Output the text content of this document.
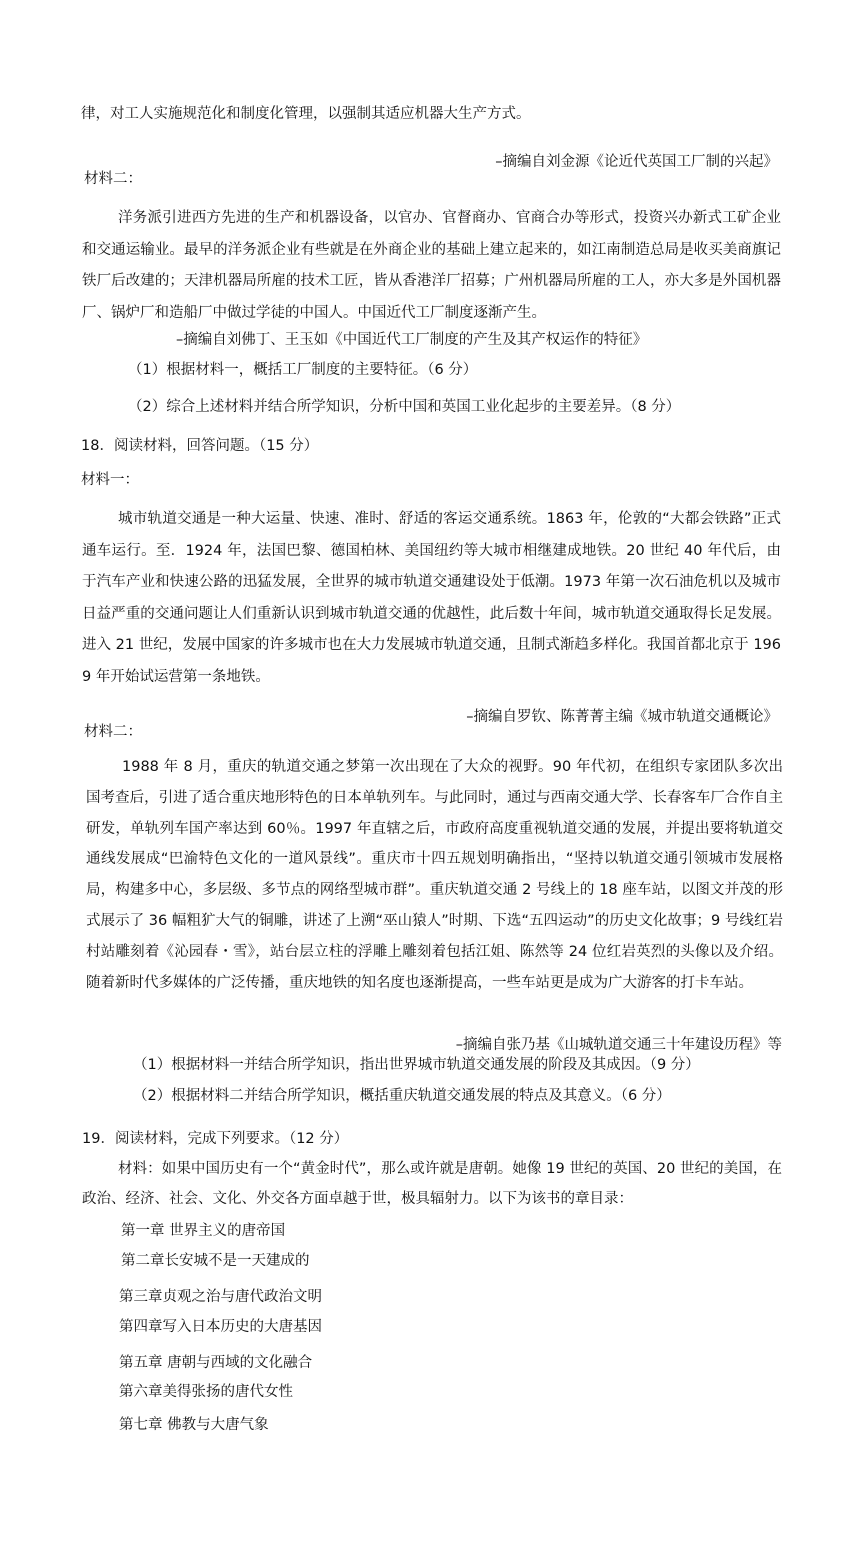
律，对工人实施规范化和制度化管理，以强制其适应机器大生产方式。

–摘编自刘金源《论近代英国工厂制的兴起》

材料二：

洋务派引进西方先进的生产和机器设备，以官办、官督商办、官商合办等形式，投资兴办新式工矿企业和交通运输业。最早的洋务派企业有些就是在外商企业的基础上建立起来的，如江南制造总局是收买美商旗记铁厂后改建的；天津机器局所雇的技术工匠，皆从香港洋厂招募；广州机器局所雇的工人，亦大多是外国机器厂、锅炉厂和造船厂中做过学徒的中国人。中国近代工厂制度逐渐产生。

–摘编自刘佛丁、王玉如《中国近代工厂制度的产生及其产权运作的特征》

（1）根据材料一，概括工厂制度的主要特征。（6 分）

（2）综合上述材料并结合所学知识，分析中国和英国工业化起步的主要差异。（8 分）

18．阅读材料，回答问题。（15 分）

材料一：

城市轨道交通是一种大运量、快速、准时、舒适的客运交通系统。1863 年，伦敦的“大都会铁路”正式通车运行。至．1924 年，法国巴黎、德国柏林、美国纽约等大城市相继建成地铁。20 世纪 40 年代后，由于汽车产业和快速公路的迅猛发展，全世界的城市轨道交通建设处于低潮。1973 年第一次石油危机以及城市日益严重的交通问题让人们重新认识到城市轨道交通的优越性，此后数十年间，城市轨道交通取得长足发展。进入 21 世纪，发展中国家的许多城市也在大力发展城市轨道交通，且制式渐趋多样化。我国首都北京于 1969 年开始试运营第一条地铁。

–摘编自罗钦、陈菁菁主编《城市轨道交通概论》

材料二：

1988 年 8 月，重庆的轨道交通之梦第一次出现在了大众的视野。90 年代初，在组织专家团队多次出国考查后，引进了适合重庆地形特色的日本单轨列车。与此同时，通过与西南交通大学、长春客车厂合作自主研发，单轨列车国产率达到 60％。1997 年直辖之后，市政府高度重视轨道交通的发展，并提出要将轨道交通线发展成“巴渝特色文化的一道风景线”。重庆市十四五规划明确指出，“坚持以轨道交通引领城市发展格局，构建多中心，多层级、多节点的网络型城市群”。重庆轨道交通 2 号线上的 18 座车站，以图文并茂的形式展示了 36 幅粗犷大气的铜雕，讲述了上溯“巫山猿人”时期、下选“五四运动”的历史文化故事；9 号线红岩村站雕刻着《沁园春・雪》，站台层立柱的浮雕上雕刻着包括江姐、陈然等 24 位红岩英烈的头像以及介绍。随着新时代多媒体的广泛传播，重庆地铁的知名度也逐渐提高，一些车站更是成为广大游客的打卡车站。

–摘编自张乃基《山城轨道交通三十年建设历程》等

（1）根据材料一并结合所学知识，指出世界城市轨道交通发展的阶段及其成因。（9 分）

（2）根据材料二并结合所学知识，概括重庆轨道交通发展的特点及其意义。（6 分）

19．阅读材料，完成下列要求。（12 分）

材料：如果中国历史有一个“黄金时代”，那么或许就是唐朝。她像 19 世纪的英国、20 世纪的美国，在政治、经济、社会、文化、外交各方面卓越于世，极具辐射力。以下为该书的章目录：

第一章 世界主义的唐帝国

第二章长安城不是一天建成的

第三章贞观之治与唐代政治文明

第四章写入日本历史的大唐基因

第五章 唐朝与西域的文化融合

第六章美得张扬的唐代女性

第七章 佛教与大唐气象
